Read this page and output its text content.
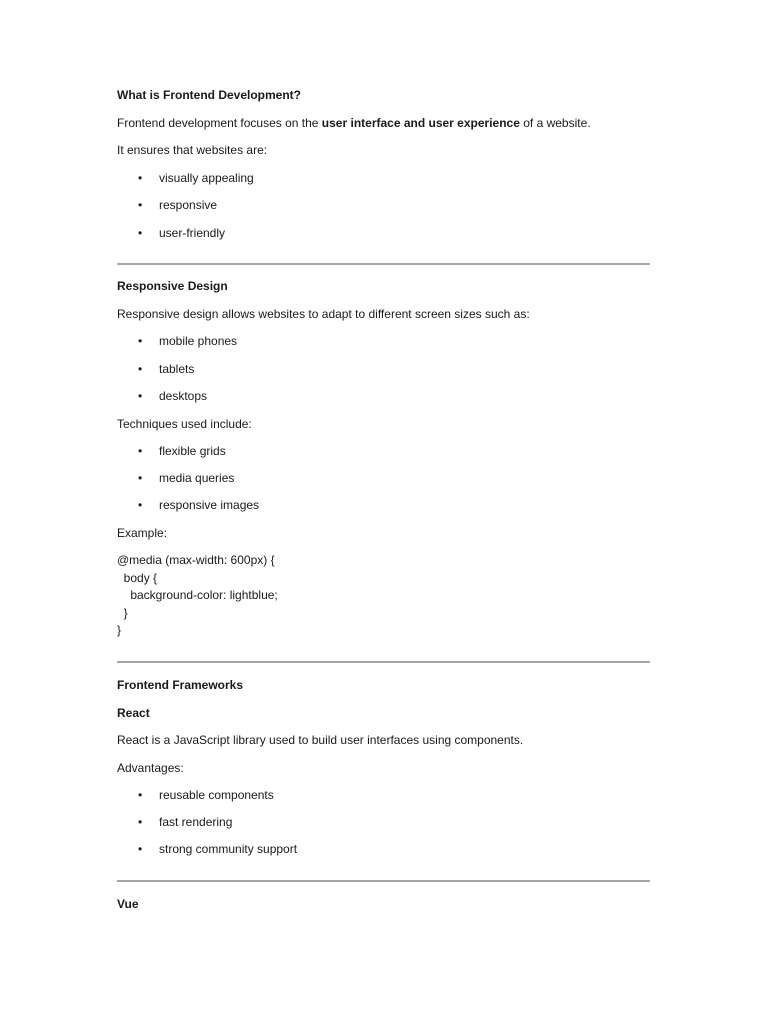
What is Frontend Development?
Frontend development focuses on the user interface and user experience of a website.
It ensures that websites are:
• visually appealing
• responsive
• user-friendly
Responsive Design
Responsive design allows websites to adapt to different screen sizes such as:
• mobile phones
• tablets
• desktops
Techniques used include:
• flexible grids
• media queries
• responsive images
Example:
@media (max-width: 600px) {
body {
background-color: lightblue;
}
}
Frontend Frameworks
React
React is a JavaScript library used to build user interfaces using components.
Advantages:
• reusable components
• fast rendering
• strong community support
Vue
